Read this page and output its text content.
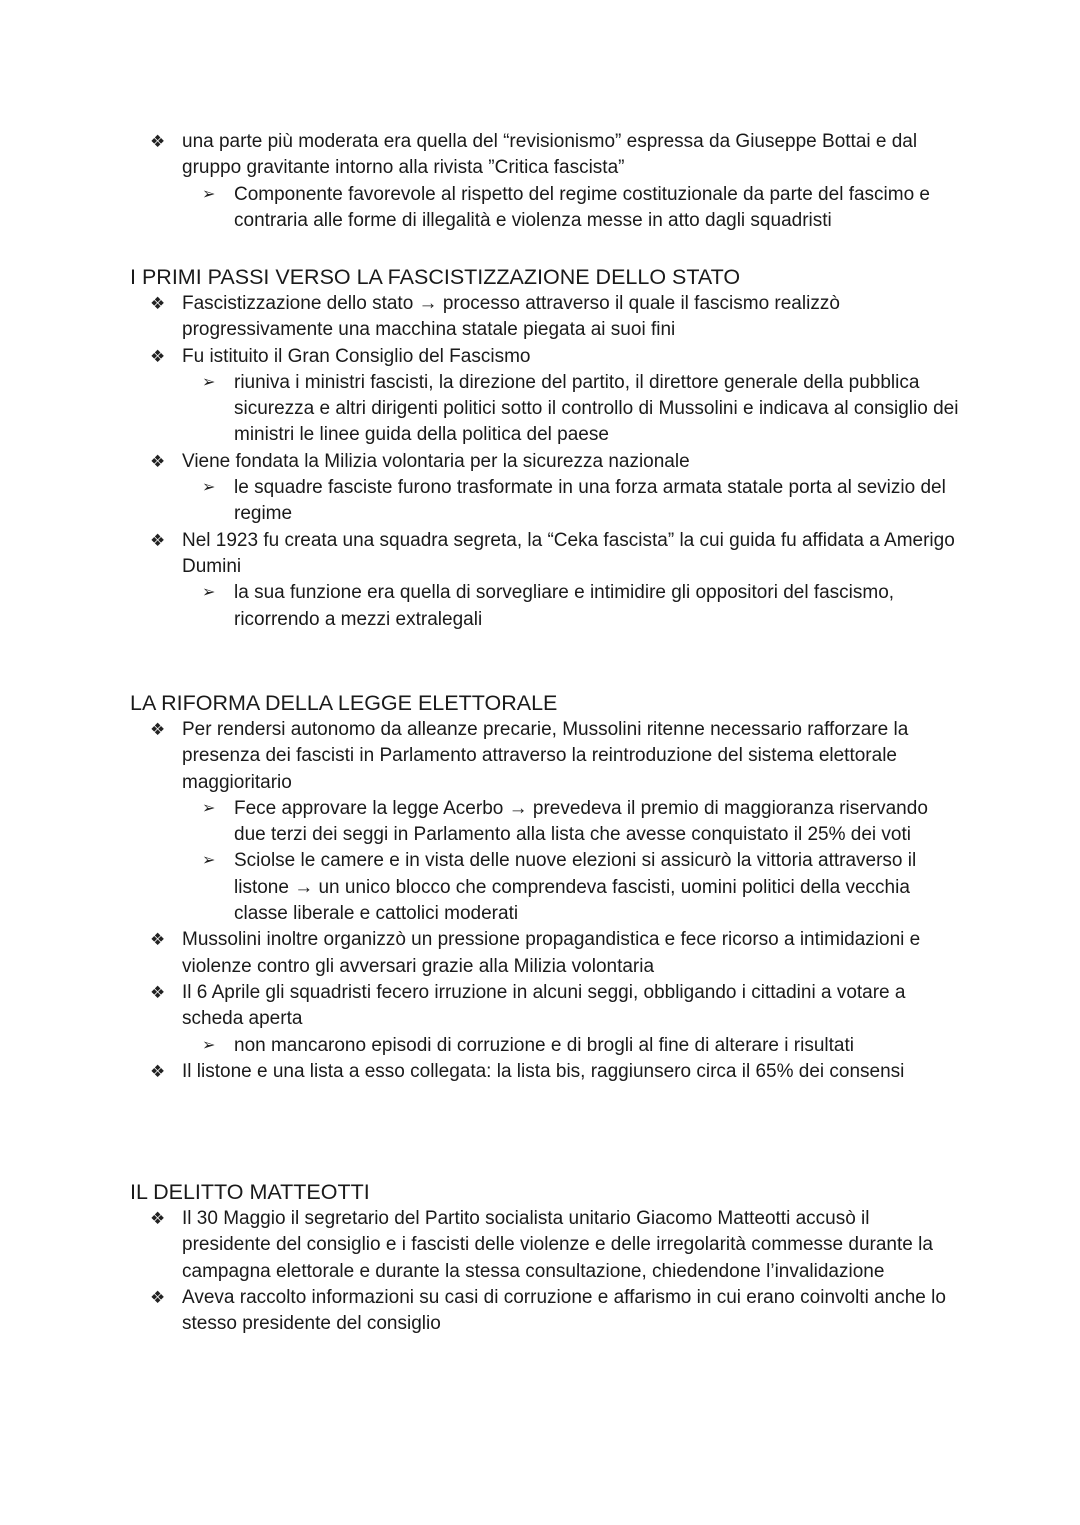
❖ una parte più moderata era quella del “revisionismo” espressa da Giuseppe Bottai e dal gruppo gravitante intorno alla rivista ”Critica fascista”
➢ Componente favorevole al rispetto del regime costituzionale da parte del fascimo e contraria alle forme di illegalità e violenza messe in atto dagli squadristi
I PRIMI PASSI VERSO LA FASCISTIZZAZIONE DELLO STATO
❖ Fascistizzazione dello stato → processo attraverso il quale il fascismo realizzò progressivamente una macchina statale piegata ai suoi fini
❖ Fu istituito il Gran Consiglio del Fascismo
➢ riuniva i ministri fascisti, la direzione del partito, il direttore generale della pubblica sicurezza e altri dirigenti politici sotto il controllo di Mussolini e indicava al consiglio dei ministri le linee guida della politica del paese
❖ Viene fondata la Milizia volontaria per la sicurezza nazionale
➢ le squadre fasciste furono trasformate in una forza armata statale porta al sevizio del regime
❖ Nel 1923 fu creata una squadra segreta, la “Ceka fascista” la cui guida fu affidata a Amerigo Dumini
➢ la sua funzione era quella di sorvegliare e intimidire gli oppositori del fascismo, ricorrendo a mezzi extralegali
LA RIFORMA DELLA LEGGE ELETTORALE
❖ Per rendersi autonomo da alleanze precarie, Mussolini ritenne necessario rafforzare la presenza dei fascisti in Parlamento attraverso la reintroduzione del sistema elettorale maggioritario
➢ Fece approvare la legge Acerbo → prevedeva il premio di maggioranza riservando due terzi dei seggi in Parlamento alla lista che avesse conquistato il 25% dei voti
➢ Sciolse le camere e in vista delle nuove elezioni si assicurò la vittoria attraverso il listone → un unico blocco che comprendeva fascisti, uomini politici della vecchia classe liberale e cattolici moderati
❖ Mussolini inoltre organizzò un pressione propagandistica e fece ricorso a intimidazioni e violenze contro gli avversari grazie alla Milizia volontaria
❖ Il 6 Aprile gli squadristi fecero irruzione in alcuni seggi, obbligando i cittadini a votare a scheda aperta
➢ non mancarono episodi di corruzione e di brogli al fine di alterare i risultati
❖ Il listone e una lista a esso collegata: la lista bis, raggiunsero circa il 65% dei consensi
IL DELITTO MATTEOTTI
❖ Il 30 Maggio il segretario del Partito socialista unitario Giacomo Matteotti accusò il presidente del consiglio e i fascisti delle violenze e delle irregolarità commesse durante la campagna elettorale e durante la stessa consultazione, chiedendone l’invalidazione
❖ Aveva raccolto informazioni su casi di corruzione e affarismo in cui erano coinvolti anche lo stesso presidente del consiglio
